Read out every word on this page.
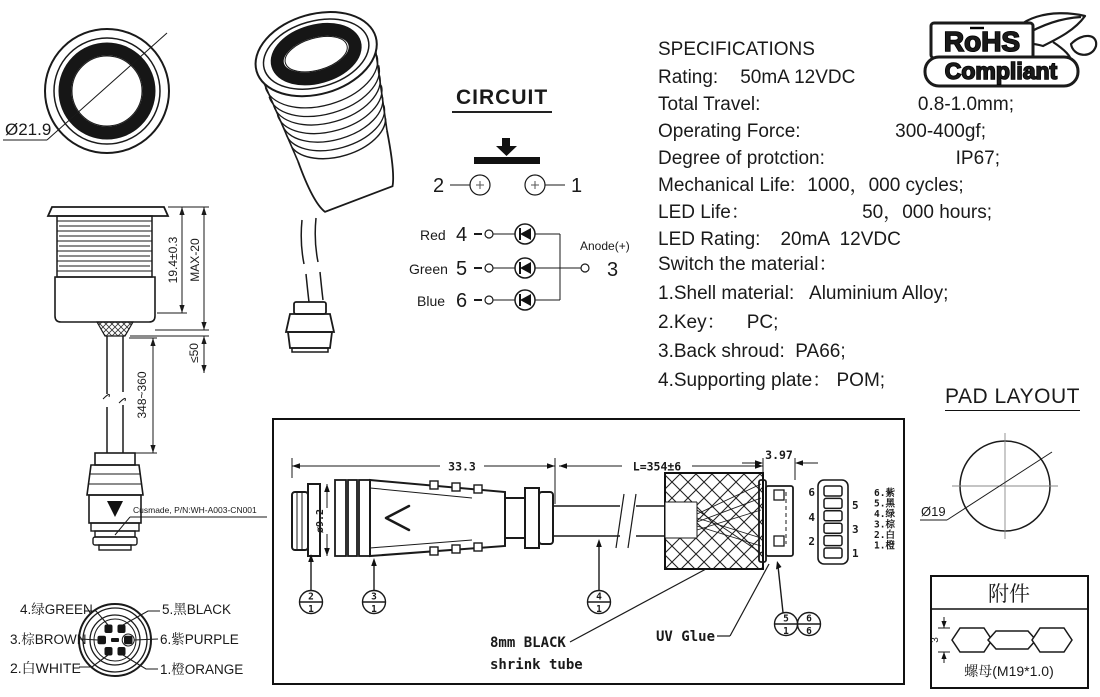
Ø21.9
19.4±0.3 MAX-20
≤50
348~360
Cusmade, P/N:WH-A003-CN001
CIRCUIT
2	1
Red 4
Green 5
Blue 6
Anode(+)
3
SPECIFICATIONS
Rating: 50mA 12VDC
Total Travel:	0.8-1.0mm;
Operating Force:	300-400gf;
Degree of protction:	IP67;
Mechanical Life: 1000，000 cycles;
LED Life：	50，000 hours;
LED Rating: 20mA  12VDC
RoHS
Compliant
Switch the material：
1.Shell material:   Aluminium Alloy;
2.Key：    PC;
3.Back shroud:  PA66;
4.Supporting plate： POM;
PAD LAYOUT
Ø19
4.绿GREEN	5.黑BLACK
3.棕BROWN	6.紫PURPLE
2.白WHITE	1.橙ORANGE
33.3	L=354±6
3.97
ø9.2
6
4
2
5
3
1
6.紫
5.黑
4.绿
3.棕
2.白
1.橙
2
1
3
1
4
1
5
1
6
6
8mm BLACK
shrink tube
UV Glue
附件
3
螺母(M19*1.0)
